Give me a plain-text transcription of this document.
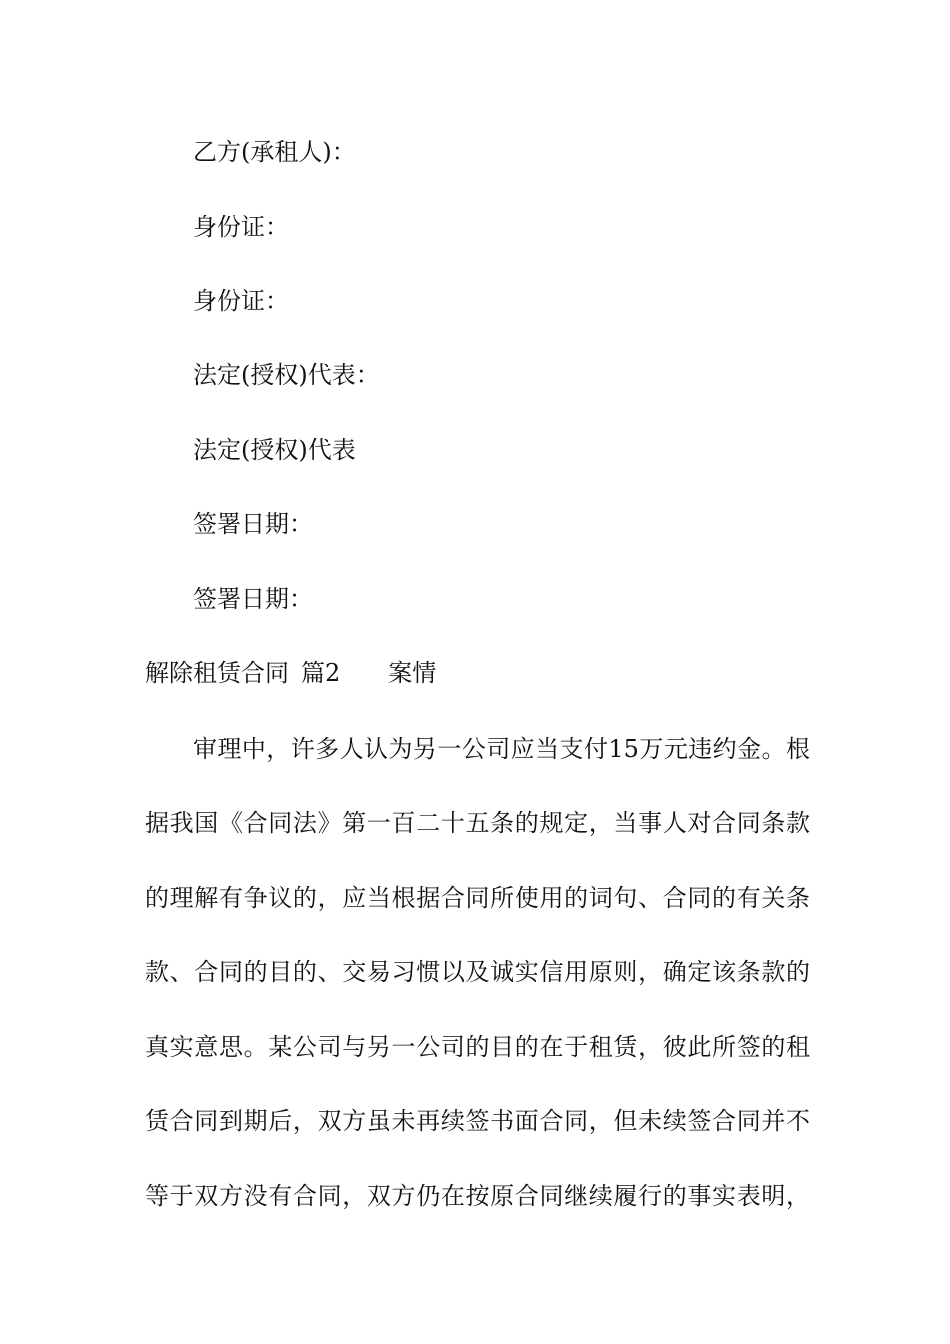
乙方(承租人)：
身份证：
身份证：
法定(授权)代表：
法定(授权)代表
签署日期：
签署日期：
解除租赁合同 篇2 案情
审理中，许多人认为另一公司应当支付15万元违约金。根
据我国《合同法》第一百二十五条的规定，当事人对合同条款
的理解有争议的，应当根据合同所使用的词句、合同的有关条
款、合同的目的、交易习惯以及诚实信用原则，确定该条款的
真实意思。某公司与另一公司的目的在于租赁，彼此所签的租
赁合同到期后，双方虽未再续签书面合同，但未续签合同并不
等于双方没有合同，双方仍在按原合同继续履行的事实表明，
